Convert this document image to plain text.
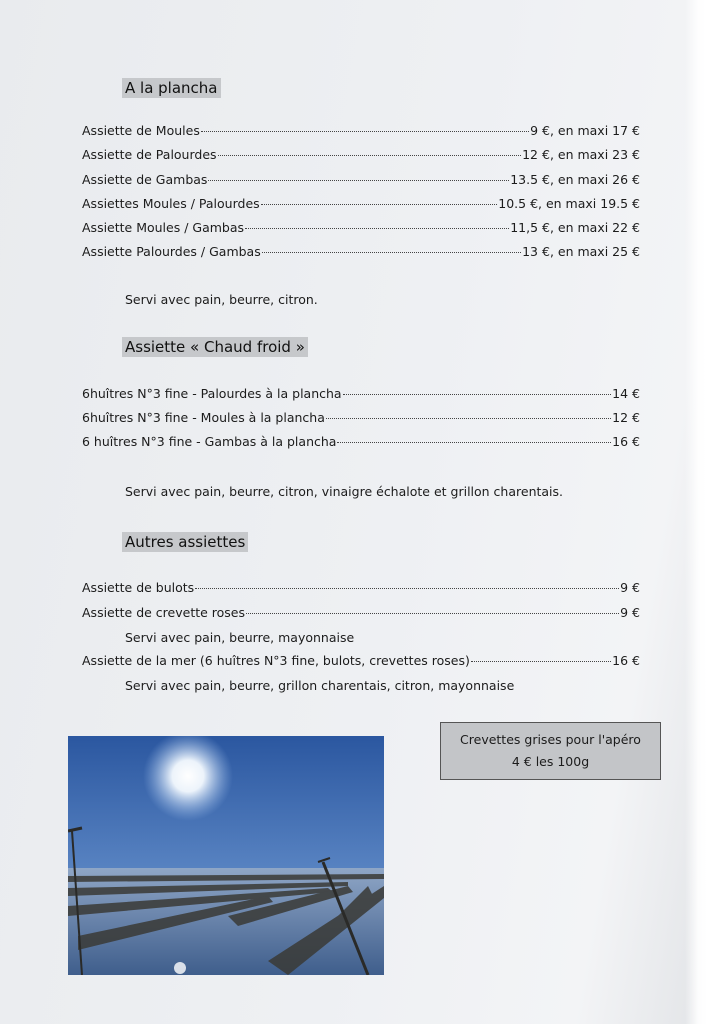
A la plancha
Assiette de Moules	9 €, en maxi 17 €
Assiette de Palourdes	12 €, en maxi 23 €
Assiette de Gambas	13.5 €, en maxi 26 €
Assiettes Moules / Palourdes	10.5 €, en maxi 19.5 €
Assiette Moules / Gambas	11,5 €, en maxi 22 €
Assiette Palourdes / Gambas	13 €, en maxi 25 €
Servi avec pain, beurre, citron.
Assiette « Chaud froid »
6huîtres N°3 fine - Palourdes à la plancha	14 €
6huîtres N°3 fine - Moules à la plancha	12 €
6 huîtres N°3 fine - Gambas à la plancha	16 €
Servi avec pain, beurre, citron, vinaigre échalote et grillon charentais.
Autres assiettes
Assiette de bulots	9 €
Assiette de crevette roses	9 €
Servi avec pain, beurre, mayonnaise
Assiette de la mer (6 huîtres N°3 fine, bulots, crevettes roses)	16 €
Servi avec pain, beurre, grillon charentais, citron, mayonnaise
Crevettes grises pour l'apéro
4 € les 100g
